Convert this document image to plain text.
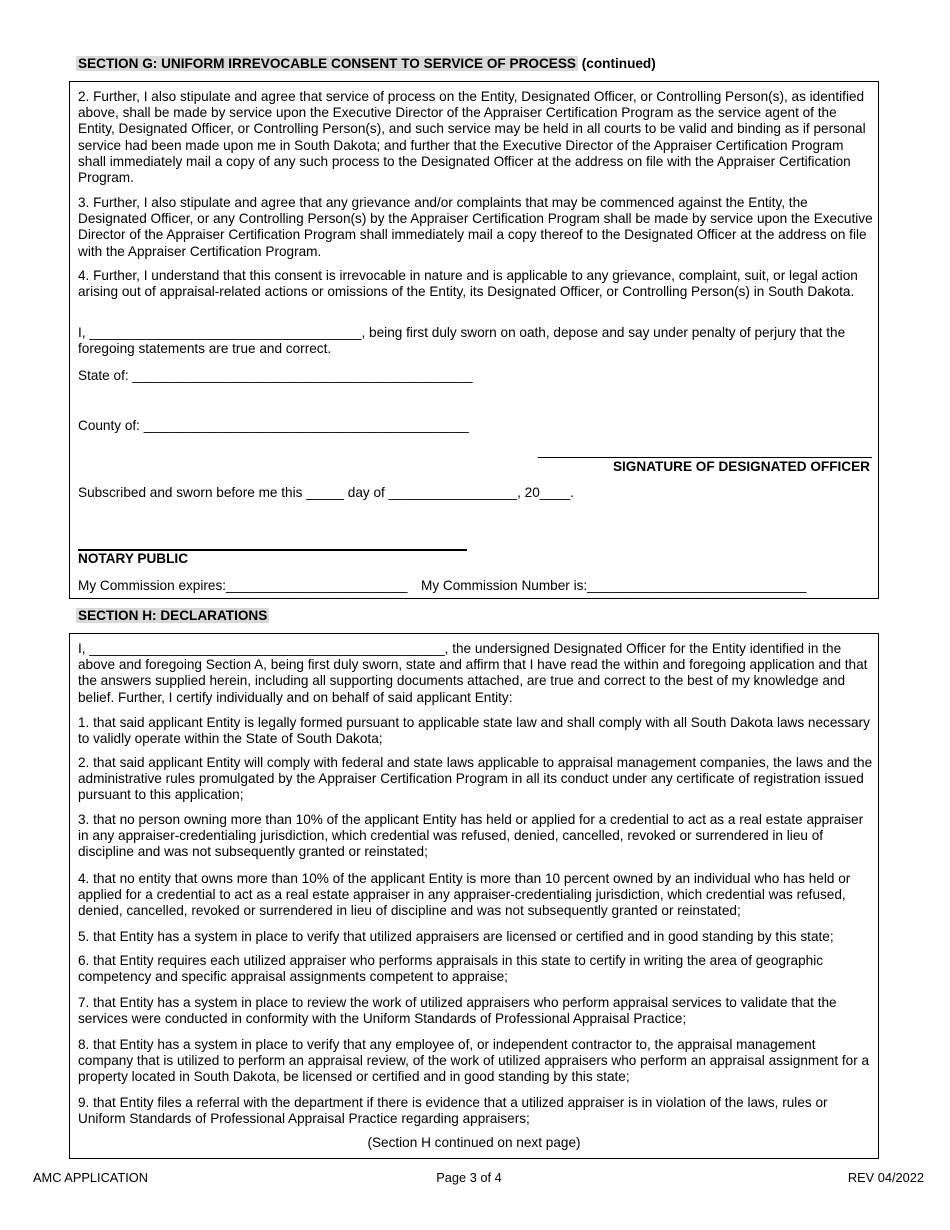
SECTION G: UNIFORM IRREVOCABLE CONSENT TO SERVICE OF PROCESS (continued)

2. Further, I also stipulate and agree that service of process on the Entity, Designated Officer, or Controlling Person(s), as identified above, shall be made by service upon the Executive Director of the Appraiser Certification Program as the service agent of the Entity, Designated Officer, or Controlling Person(s), and such service may be held in all courts to be valid and binding as if personal service had been made upon me in South Dakota; and further that the Executive Director of the Appraiser Certification Program shall immediately mail a copy of any such process to the Designated Officer at the address on file with the Appraiser Certification Program.

3. Further, I also stipulate and agree that any grievance and/or complaints that may be commenced against the Entity, the Designated Officer, or any Controlling Person(s) by the Appraiser Certification Program shall be made by service upon the Executive Director of the Appraiser Certification Program shall immediately mail a copy thereof to the Designated Officer at the address on file with the Appraiser Certification Program.

4. Further, I understand that this consent is irrevocable in nature and is applicable to any grievance, complaint, suit, or legal action arising out of appraisal-related actions or omissions of the Entity, its Designated Officer, or Controlling Person(s) in South Dakota.

I, ____________________________________, being first duly sworn on oath, depose and say under penalty of perjury that the foregoing statements are true and correct.

State of: _____________________________________________
County of: ___________________________________________
SIGNATURE OF DESIGNATED OFFICER
Subscribed and sworn before me this _____ day of _________________, 20____.
NOTARY PUBLIC
My Commission expires:________________________ My Commission Number is:_____________________________
SECTION H: DECLARATIONS

I, _______________________________________________, the undersigned Designated Officer for the Entity identified in the above and foregoing Section A, being first duly sworn, state and affirm that I have read the within and foregoing application and that the answers supplied herein, including all supporting documents attached, are true and correct to the best of my knowledge and belief. Further, I certify individually and on behalf of said applicant Entity:

1. that said applicant Entity is legally formed pursuant to applicable state law and shall comply with all South Dakota laws necessary to validly operate within the State of South Dakota;

2. that said applicant Entity will comply with federal and state laws applicable to appraisal management companies, the laws and the administrative rules promulgated by the Appraiser Certification Program in all its conduct under any certificate of registration issued pursuant to this application;

3. that no person owning more than 10% of the applicant Entity has held or applied for a credential to act as a real estate appraiser in any appraiser-credentialing jurisdiction, which credential was refused, denied, cancelled, revoked or surrendered in lieu of discipline and was not subsequently granted or reinstated;

4. that no entity that owns more than 10% of the applicant Entity is more than 10 percent owned by an individual who has held or applied for a credential to act as a real estate appraiser in any appraiser-credentialing jurisdiction, which credential was refused, denied, cancelled, revoked or surrendered in lieu of discipline and was not subsequently granted or reinstated;

5. that Entity has a system in place to verify that utilized appraisers are licensed or certified and in good standing by this state;

6. that Entity requires each utilized appraiser who performs appraisals in this state to certify in writing the area of geographic competency and specific appraisal assignments competent to appraise;

7. that Entity has a system in place to review the work of utilized appraisers who perform appraisal services to validate that the services were conducted in conformity with the Uniform Standards of Professional Appraisal Practice;

8. that Entity has a system in place to verify that any employee of, or independent contractor to, the appraisal management company that is utilized to perform an appraisal review, of the work of utilized appraisers who perform an appraisal assignment for a property located in South Dakota, be licensed or certified and in good standing by this state;

9. that Entity files a referral with the department if there is evidence that a utilized appraiser is in violation of the laws, rules or Uniform Standards of Professional Appraisal Practice regarding appraisers;

(Section H continued on next page)
AMC APPLICATION	Page 3 of 4	REV 04/2022
